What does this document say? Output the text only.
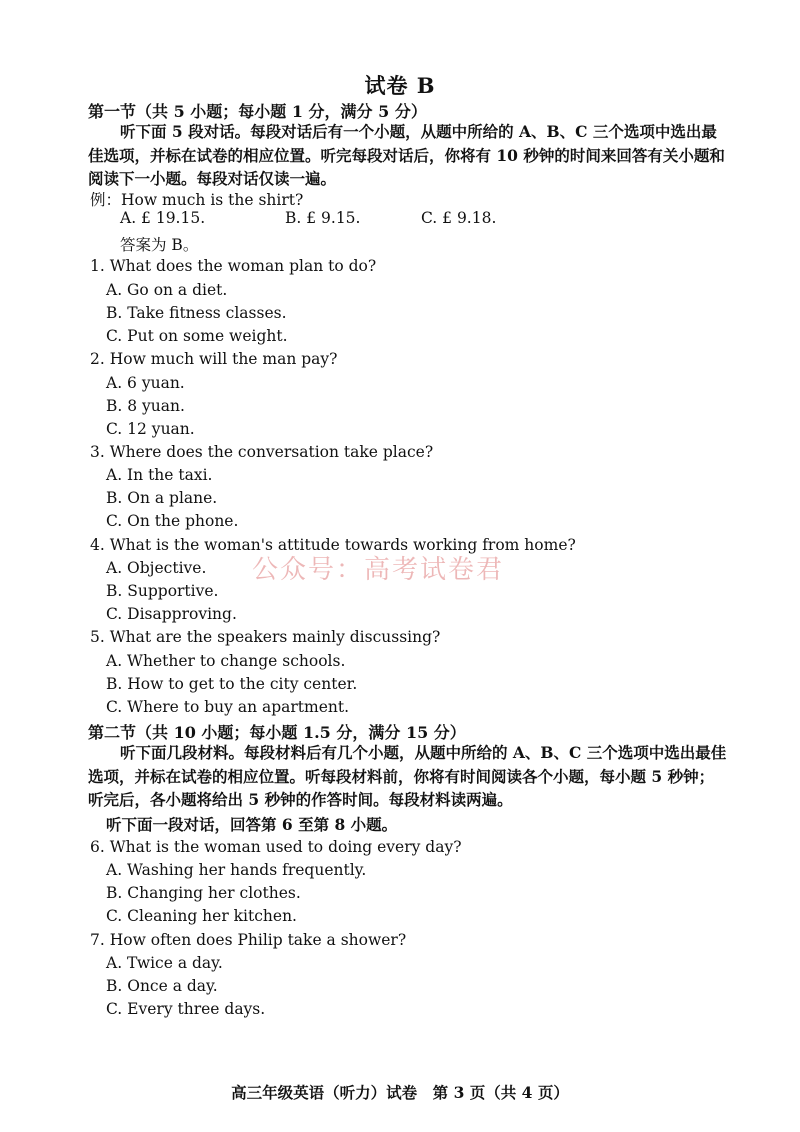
试卷 B
第一节（共 5 小题；每小题 1 分，满分 5 分）
听下面 5 段对话。每段对话后有一个小题，从题中所给的 A、B、C 三个选项中选出最佳选项，并标在试卷的相应位置。听完每段对话后，你将有 10 秒钟的时间来回答有关小题和阅读下一小题。每段对话仅读一遍。
例：How much is the shirt?
A. £ 19.15.	B. £ 9.15.	C. £ 9.18.
答案为 B。
1. What does the woman plan to do?
A. Go on a diet.
B. Take fitness classes.
C. Put on some weight.
2. How much will the man pay?
A. 6 yuan.
B. 8 yuan.
C. 12 yuan.
3. Where does the conversation take place?
A. In the taxi.
B. On a plane.
C. On the phone.
4. What is the woman's attitude towards working from home?
A. Objective.
B. Supportive.
C. Disapproving.
5. What are the speakers mainly discussing?
A. Whether to change schools.
B. How to get to the city center.
C. Where to buy an apartment.
第二节（共 10 小题；每小题 1.5 分，满分 15 分）
听下面几段材料。每段材料后有几个小题，从题中所给的 A、B、C 三个选项中选出最佳选项，并标在试卷的相应位置。听每段材料前，你将有时间阅读各个小题，每小题 5 秒钟；听完后，各小题将给出 5 秒钟的作答时间。每段材料读两遍。
听下面一段对话，回答第 6 至第 8 小题。
6. What is the woman used to doing every day?
A. Washing her hands frequently.
B. Changing her clothes.
C. Cleaning her kitchen.
7. How often does Philip take a shower?
A. Twice a day.
B. Once a day.
C. Every three days.
公众号：高考试卷君
高三年级英语（听力）试卷　第 3 页（共 4 页）
